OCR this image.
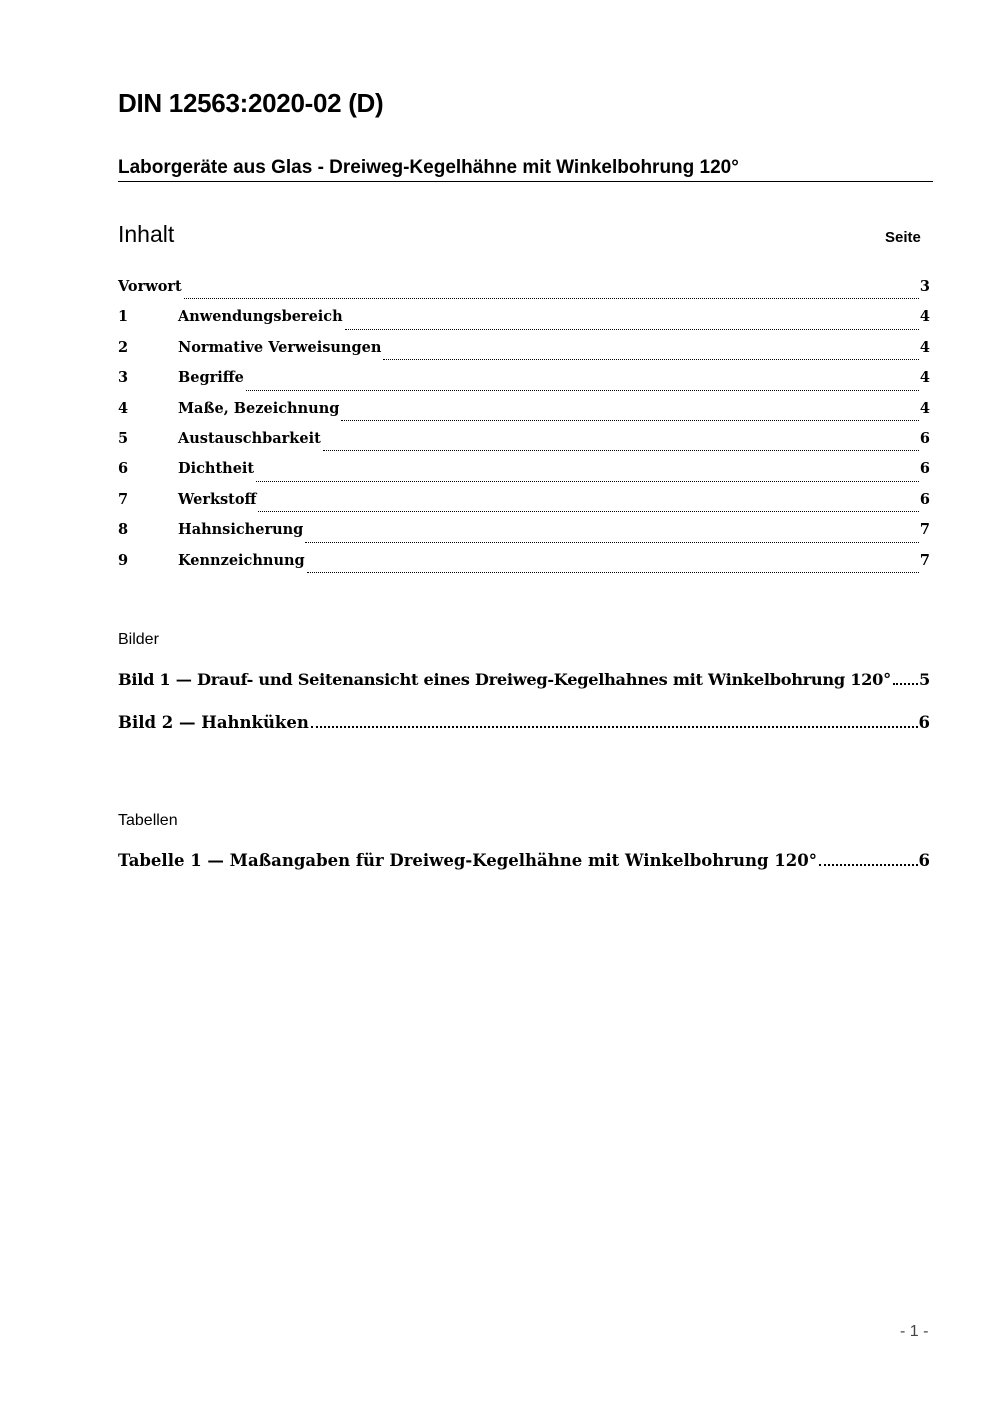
DIN 12563:2020-02 (D)
Laborgeräte aus Glas - Dreiweg-Kegelhähne mit Winkelbohrung 120°
Inhalt	Seite
Vorwort	3
1	Anwendungsbereich	4
2	Normative Verweisungen	4
3	Begriffe	4
4	Maße, Bezeichnung	4
5	Austauschbarkeit	6
6	Dichtheit	6
7	Werkstoff	6
8	Hahnsicherung	7
9	Kennzeichnung	7
Bilder
Bild 1 — Drauf- und Seitenansicht eines Dreiweg-Kegelhahnes mit Winkelbohrung 120° 5
Bild 2 — Hahnküken	6
Tabellen
Tabelle 1 — Maßangaben für Dreiweg-Kegelhähne mit Winkelbohrung 120°	6
- 1 -
